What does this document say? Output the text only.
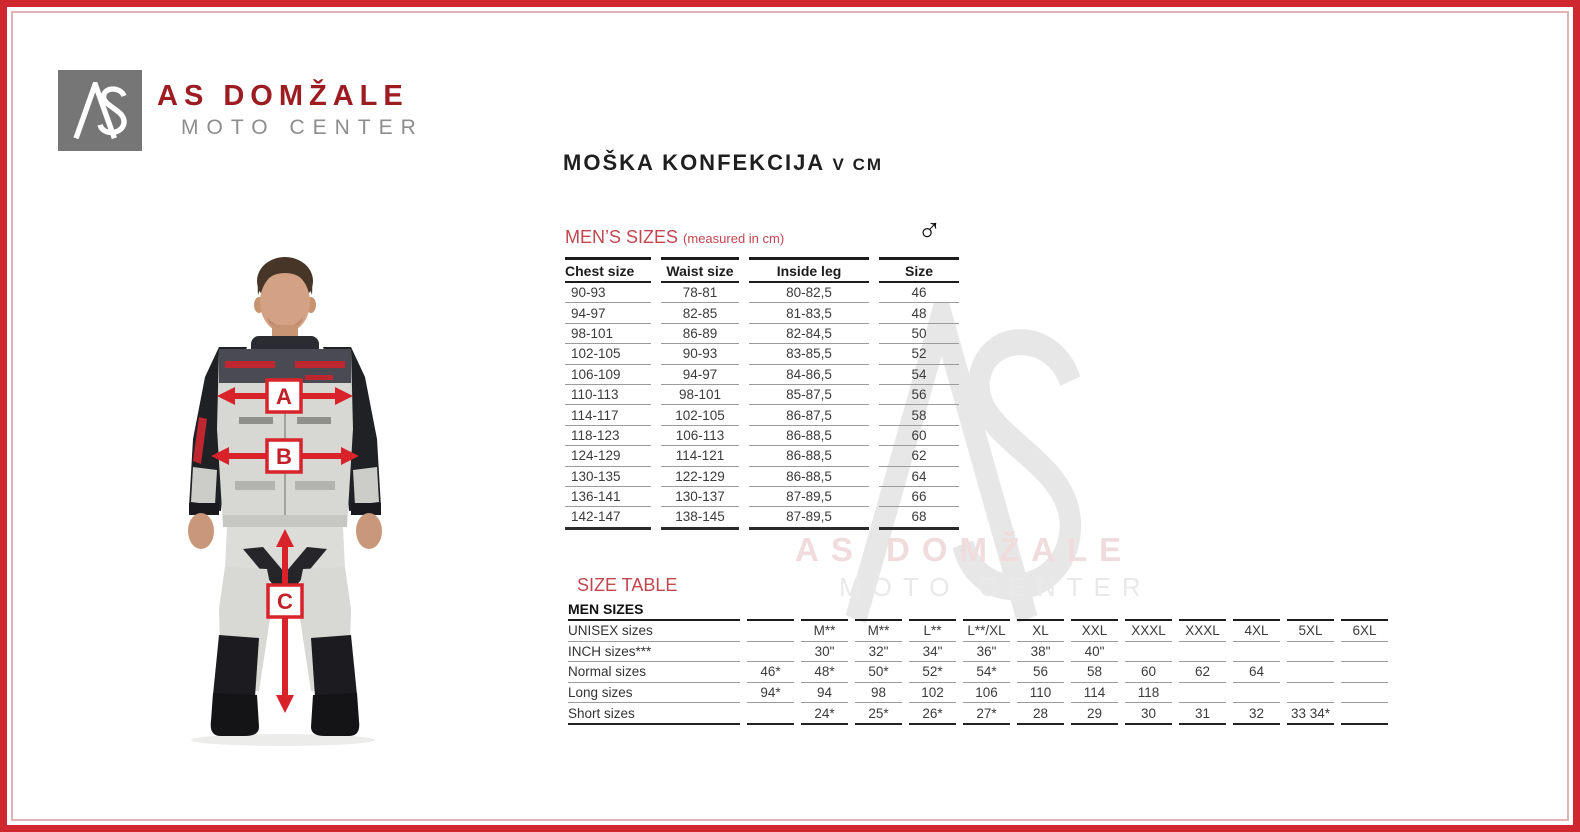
AS DOMŽALE
MOTO CENTER
AS DOMŽALE
MOTO CENTER
MOŠKA KONFEKCIJA V CM
A
B
C
MEN’S SIZES (measured in cm)	♂
Chest size	Waist size	Inside leg	Size
90-93	78-81	80-82,5	46
94-97	82-85	81-83,5	48
98-101	86-89	82-84,5	50
102-105	90-93	83-85,5	52
106-109	94-97	84-86,5	54
110-113	98-101	85-87,5	56
114-117	102-105	86-87,5	58
118-123	106-113	86-88,5	60
124-129	114-121	86-88,5	62
130-135	122-129	86-88,5	64
136-141	130-137	87-89,5	66
142-147	138-145	87-89,5	68
SIZE TABLE
MEN SIZES												
UNISEX sizes		M**	M**	L**	L**/XL	XL	XXL	XXXL	XXXL	4XL	5XL	6XL
INCH sizes***		30"	32"	34"	36"	38"	40"					
Normal sizes	46*	48*	50*	52*	54*	56	58	60	62	64		
Long sizes	94*	94	98	102	106	110	114	118				
Short sizes		24*	25*	26*	27*	28	29	30	31	32	33 34*	
